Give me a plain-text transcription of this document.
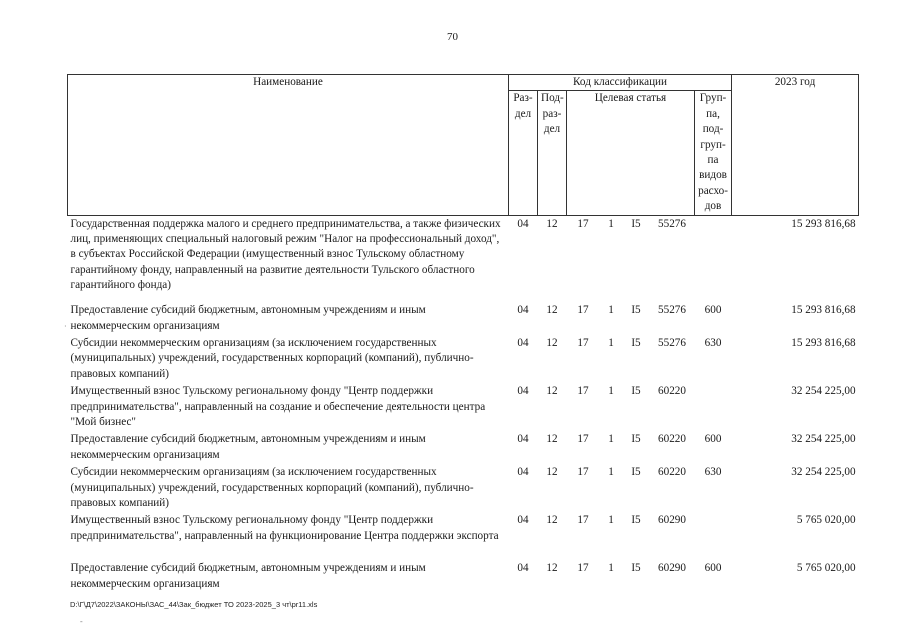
70
Наименование	Код классификации							2023 год

	Раз- дел	Под- раз- дел	Целевая статья				Груп- па, под- груп- па видов расхо- дов	

Государственная поддержка малого и среднего предпринимательства, а также физических лиц, применяющих специальный налоговый режим "Налог на профессиональный доход", в субъектах Российской Федерации (имущественный взнос Тульскому областному гарантийному фонду, направленный на развитие деятельности Тульского областного гарантийного фонда)	04	12	17	1	I5	55276		15 293 816,68
Предоставление субсидий бюджетным, автономным учреждениям и иным некоммерческим организациям	04	12	17	1	I5	55276	600	15 293 816,68
Субсидии некоммерческим организациям (за исключением государственных (муниципальных) учреждений, государственных корпораций (компаний), публично-правовых компаний)	04	12	17	1	I5	55276	630	15 293 816,68
Имущественный взнос Тульскому региональному фонду "Центр поддержки предпринимательства", направленный на создание и обеспечение деятельности центра "Мой бизнес"	04	12	17	1	I5	60220		32 254 225,00
Предоставление субсидий бюджетным, автономным учреждениям и иным некоммерческим организациям	04	12	17	1	I5	60220	600	32 254 225,00
Субсидии некоммерческим организациям (за исключением государственных (муниципальных) учреждений, государственных корпораций (компаний), публично-правовых компаний)	04	12	17	1	I5	60220	630	32 254 225,00
Имущественный взнос Тульскому региональному фонду "Центр поддержки предпринимательства", направленный на функционирование Центра поддержки экспорта	04	12	17	1	I5	60290		5 765 020,00
Предоставление субсидий бюджетным, автономным учреждениям и иным некоммерческим организациям	04	12	17	1	I5	60290	600	5 765 020,00
·
-
D:\Г\Д7\2022\ЗАКОНЫ\ЗАС_44\Зак_бюджет ТО 2023-2025_3 чт\pr11.xls
